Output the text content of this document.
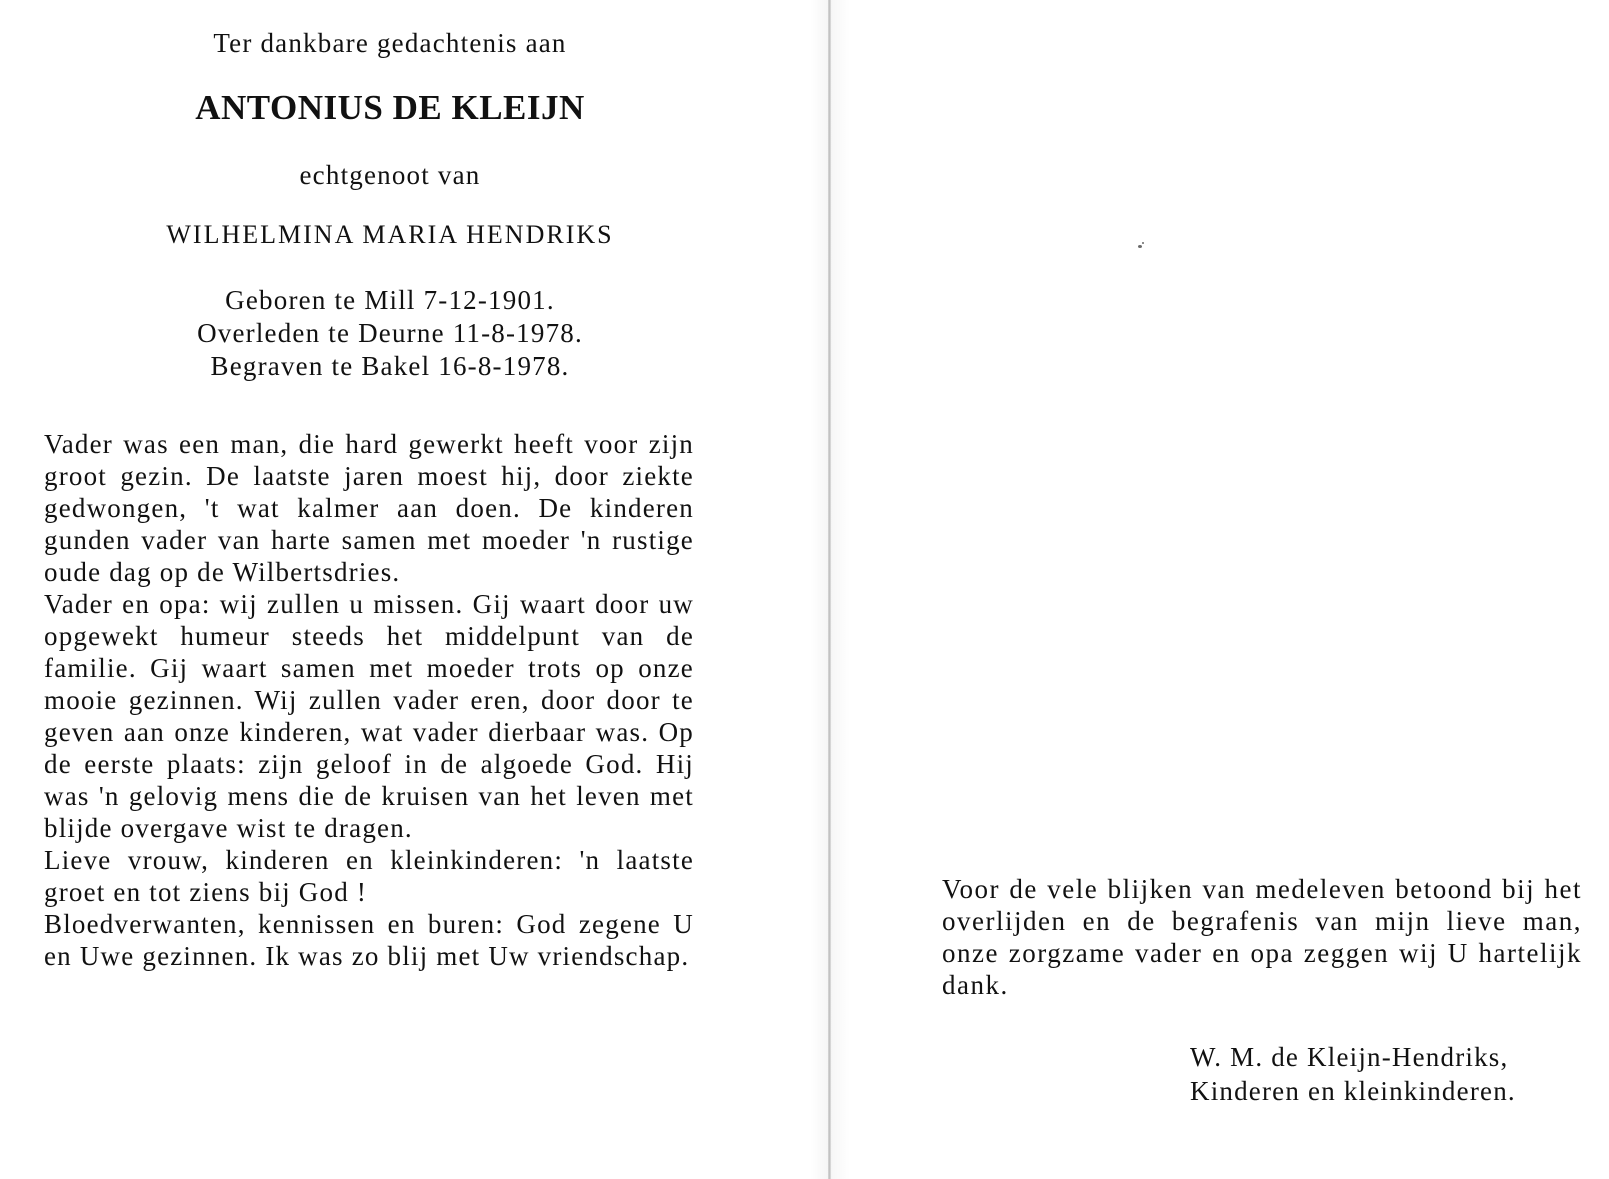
Ter dankbare gedachtenis aan
ANTONIUS DE KLEIJN
echtgenoot van
WILHELMINA MARIA HENDRIKS
Geboren te Mill 7-12-1901.
Overleden te Deurne 11-8-1978.
Begraven te Bakel 16-8-1978.

Vader was een man, die hard gewerkt heeft voor zijn groot gezin. De laatste jaren moest hij, door ziekte gedwongen, 't wat kalmer aan doen. De kinderen gunden vader van harte samen met moeder 'n rustige oude dag op de Wilbertsdries.

Vader en opa: wij zullen u missen. Gij waart door uw opgewekt humeur steeds het middelpunt van de familie. Gij waart samen met moeder trots op onze mooie gezinnen. Wij zullen vader eren, door door te geven aan onze kinderen, wat vader dierbaar was. Op de eerste plaats: zijn geloof in de algoede God. Hij was 'n gelovig mens die de kruisen van het leven met blijde overgave wist te dragen.

Lieve vrouw, kinderen en kleinkinderen: 'n laatste groet en tot ziens bij God !

Bloedverwanten, kennissen en buren: God zegene U en Uwe gezinnen. Ik was zo blij met Uw vriendschap.

Voor de vele blijken van medeleven betoond bij het overlijden en de begrafenis van mijn lieve man, onze zorgzame vader en opa zeggen wij U hartelijk dank.
W. M. de Kleijn-Hendriks,
Kinderen en kleinkinderen.
